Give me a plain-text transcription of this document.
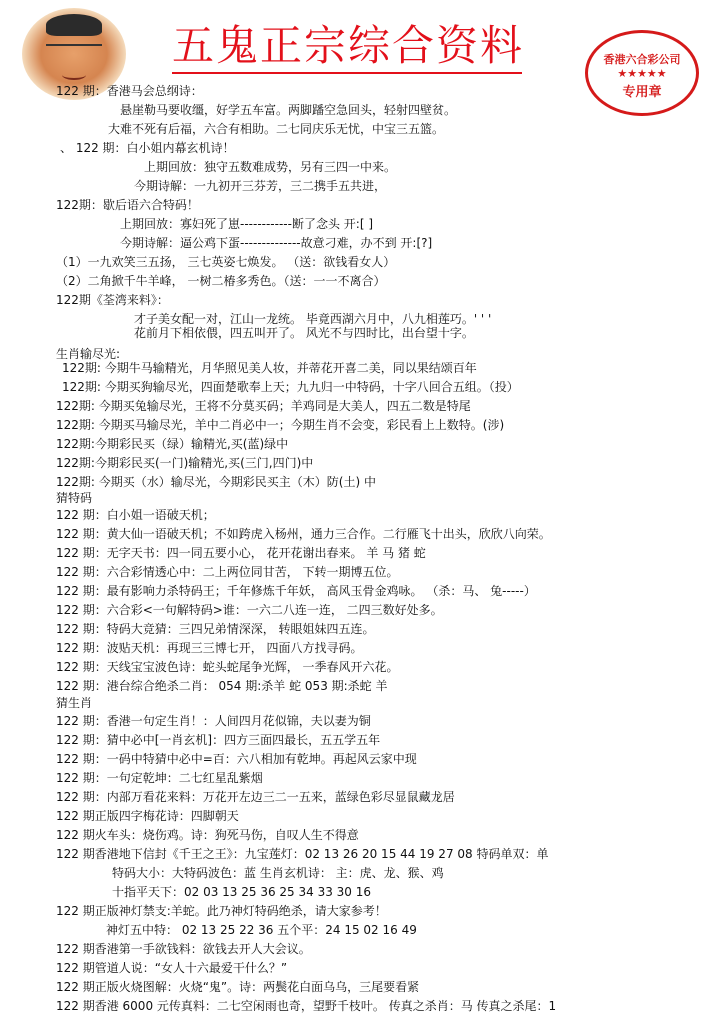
五鬼正宗综合资料	香港六合彩公司
★★★★★
专用章
122 期：香港马会总纲诗：
悬崖勒马要收缰，好学五车富。两脚蹯空急回头，轻射四壁贫。
大难不死有后福，六合有相助。二七同庆乐无忧，中宝三五篮。
、 122 期：白小姐内幕玄机诗！
上期回放：独守五数难成势，另有三四一中来。
今期诗解：一九初开三芬芳，三二携手五共进，
122期：歇后语六合特码！
上期回放：寡妇死了崽------------断了念头 开:[ ]
今期诗解：逼公鸡下蛋--------------故意刁难，办不到 开:[?]
（1）一九欢笑三五扬， 三七英姿七焕发。 （送：欲钱看女人）
（2）二角掀千牛羊峰， 一树二椿多秀色。（送：一一不离合）
122期《荃湾来料》：
才子美女配一对，江山一龙统。 毕竟西湖六月中，八九相莲巧。' ' '
花前月下相依偎，四五叫开了。 风光不与四时比，出台望十字。
生肖输尽光:
122期: 今期牛马输精光，月华照见美人妆，并蒂花开喜二美，同以果结颂百年
122期: 今期买狗输尽光，四面楚歌奉上天；九九归一中特码，十字八回合五组。（投）
122期: 今期买兔输尽光，王将不分莫买码；羊鸡同是大美人，四五二数是特尾
122期: 今期买马输尽光，羊中二肖必中一；今期生肖不会变，彩民看上上数特。(涉)
122期:今期彩民买（绿）输精光,买(蓝)绿中
122期:今期彩民买(一门)输精光,买(三门,四门)中
122期: 今期买（水）输尽光，今期彩民买主（木）防(土) 中
猜特码
122 期：白小姐一语破天机；
122 期：黄大仙一语破天机；不如跨虎入杨州，通力三合作。二行雁飞十出头，欣欣八向荣。
122 期：无字天书：四一同五要小心， 花开花谢出春来。 羊 马 猪 蛇
122 期：六合彩情透心中：二上两位同甘苦， 下转一期博五位。
122 期：最有影响力杀特码王；千年修炼千年妖， 高风玉骨金鸡咏。 （杀：马、 兔-----）
122 期：六合彩<一句解特码>谁：一六二八连一连， 二四三数好处多。
122 期：特码大竞猜：三四兄弟情深深， 转眼姐妹四五连。
122 期：波贴天机：再现三三博七开， 四面八方找寻码。
122 期：天线宝宝波色诗：蛇头蛇尾争光辉， 一季春风开六花。
122 期：港台综合绝杀二肖： 054 期:杀羊 蛇 053 期:杀蛇 羊
猜生肖
122 期：香港一句定生肖！：人间四月花似锦，夫以妻为铜
122 期：猜中必中[一肖玄机]：四方三面四最长，五五学五年
122 期：一码中特猜中必中=百：六八相加有乾坤。再起风云家中现
122 期：一句定乾坤：二七红星乱紫烟
122 期：内部万看花来料：万花开左边三二一五来，蓝绿色彩尽显鼠藏龙居
122 期正版四字梅花诗：四脚朝天
122 期火车头：烧伤鸡。诗：狗死马伤，自叹人生不得意
122 期香港地下信封《千王之王》：九宝莲灯：02 13 26 20 15 44 19 27 08 特码单双：单
特码大小：大特码波色：蓝 生肖玄机诗： 主：虎、龙、猴、鸡
十指平天下：02 03 13 25 36 25 34 33 30 16
122 期正版神灯禁支:羊蛇。此乃神灯特码绝杀，请大家参考！
神灯五中特： 02 13 25 22 36 五个平：24 15 02 16 49
122 期香港第一手欲钱料：欲钱去开人大会议。
122 期管道人说：“女人十六最爱干什么？”
122 期正版火烧图解：火烧“鬼”。诗：两鬓花白面乌乌，三尾要看紧
122 期香港 6000 元传真料：二七空闲雨也奇，望野千枝叶。 传真之杀肖：马 传真之杀尾：1
